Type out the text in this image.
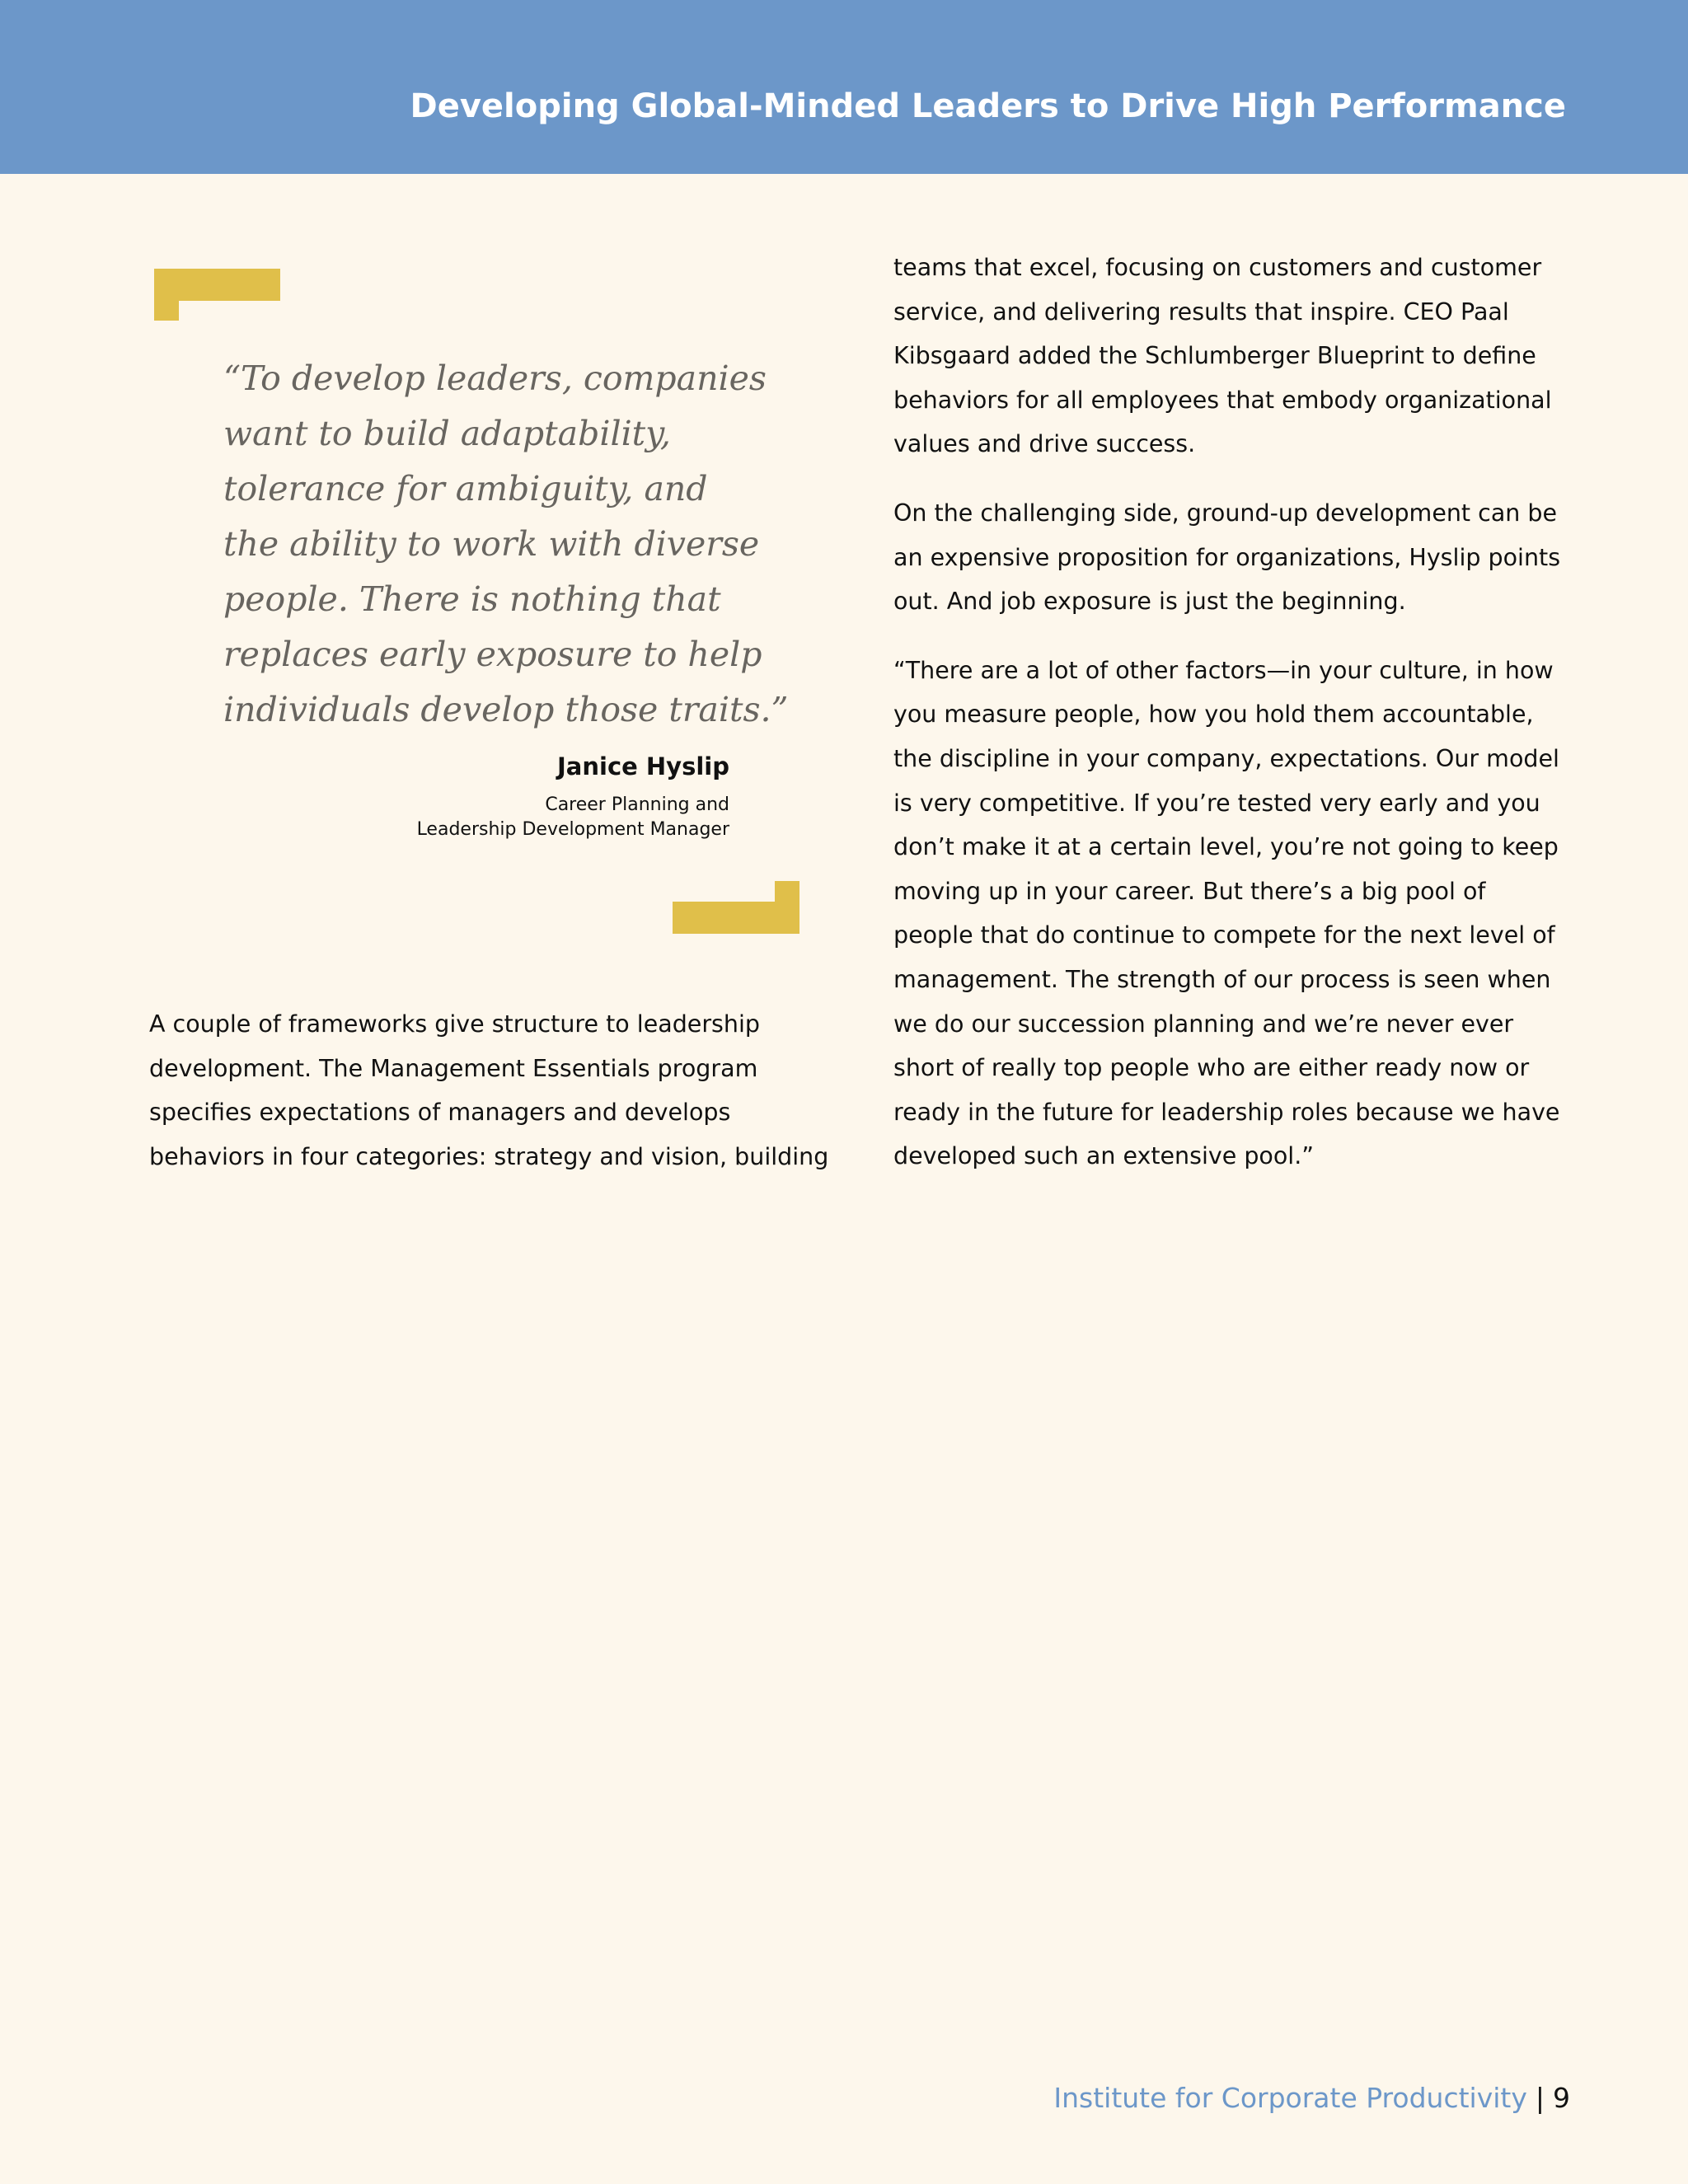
Developing Global-Minded Leaders to Drive High Performance
“To develop leaders, companies
want to build adaptability,
tolerance for ambiguity, and
the ability to work with diverse
people. There is nothing that
replaces early exposure to help
individuals develop those traits.”
Janice Hyslip
Career Planning and
Leadership Development Manager
A couple of frameworks give structure to leadership
development. The Management Essentials program
specifies expectations of managers and develops
behaviors in four categories: strategy and vision, building
teams that excel, focusing on customers and customer
service, and delivering results that inspire. CEO Paal
Kibsgaard added the Schlumberger Blueprint to define
behaviors for all employees that embody organizational
values and drive success.
On the challenging side, ground-up development can be
an expensive proposition for organizations, Hyslip points
out. And job exposure is just the beginning.
“There are a lot of other factors—in your culture, in how
you measure people, how you hold them accountable,
the discipline in your company, expectations. Our model
is very competitive. If you’re tested very early and you
don’t make it at a certain level, you’re not going to keep
moving up in your career. But there’s a big pool of
people that do continue to compete for the next level of
management. The strength of our process is seen when
we do our succession planning and we’re never ever
short of really top people who are either ready now or
ready in the future for leadership roles because we have
developed such an extensive pool.”
Institute for Corporate Productivity | 9
